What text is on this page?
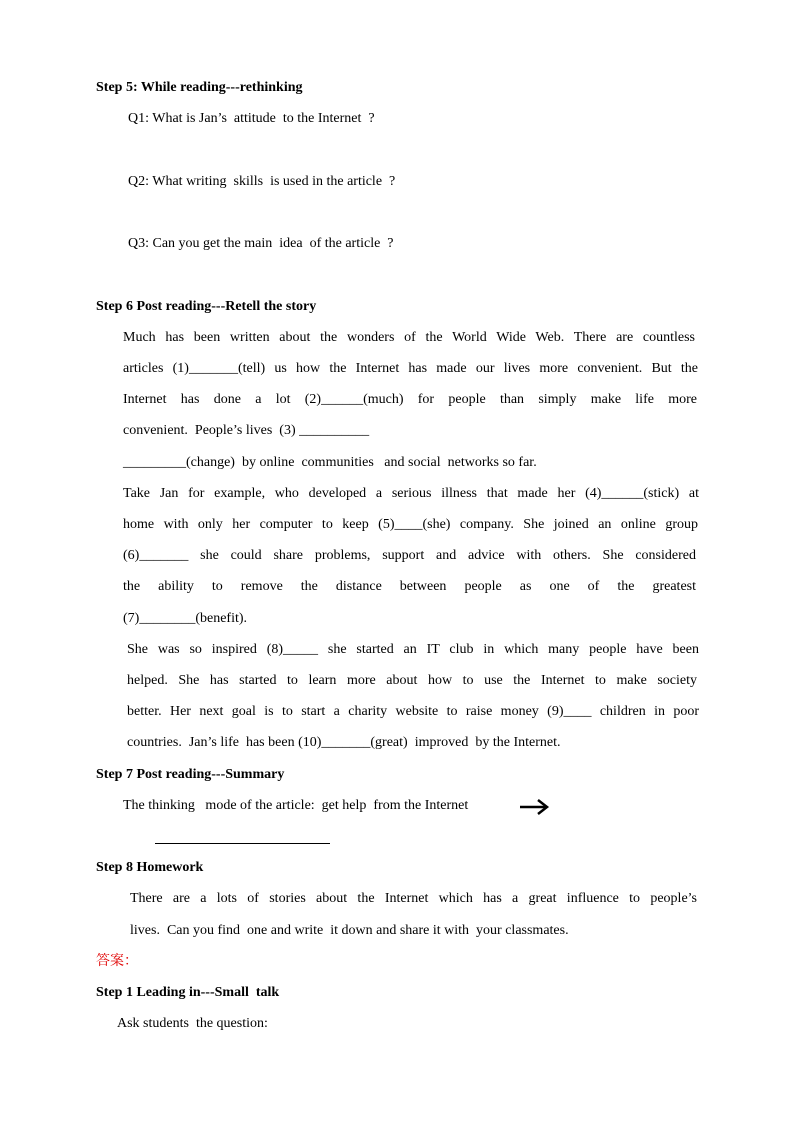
Step 5: While reading---rethinking
Q1: What is Jan’s  attitude  to the Internet  ?
Q2: What writing  skills  is used in the article  ?
Q3: Can you get the main  idea  of the article  ?
Step 6 Post reading---Retell the story
Much has been written about the wonders of the World Wide Web. There are countless
articles (1)_______(tell) us how the Internet has made our lives more convenient. But the
Internet has done a lot (2)______(much) for people than simply make life more
convenient.  People’s lives  (3) __________
_________(change)  by online  communities   and social  networks so far.
Take Jan for example, who developed a serious illness that made her (4)______(stick) at
home with only her computer to keep (5)____(she) company. She joined an online group
(6)_______ she could share problems, support and advice with others. She considered
the ability to remove the distance between people as one of the greatest
(7)________(benefit).
She was so inspired (8)_____ she started an IT club in which many people have been
helped. She has started to learn more about how to use the Internet to make society
better. Her next goal is to start a charity website to raise money (9)____ children in poor
countries.  Jan’s life  has been (10)_______(great)  improved  by the Internet.
Step 7 Post reading---Summary
The thinking   mode of the article:  get help  from the Internet
Step 8 Homework
There are a lots of stories about the Internet which has a great influence to people’s
lives.  Can you find  one and write  it down and share it with  your classmates.
答案：
Step 1 Leading in---Small  talk
Ask students  the question:
